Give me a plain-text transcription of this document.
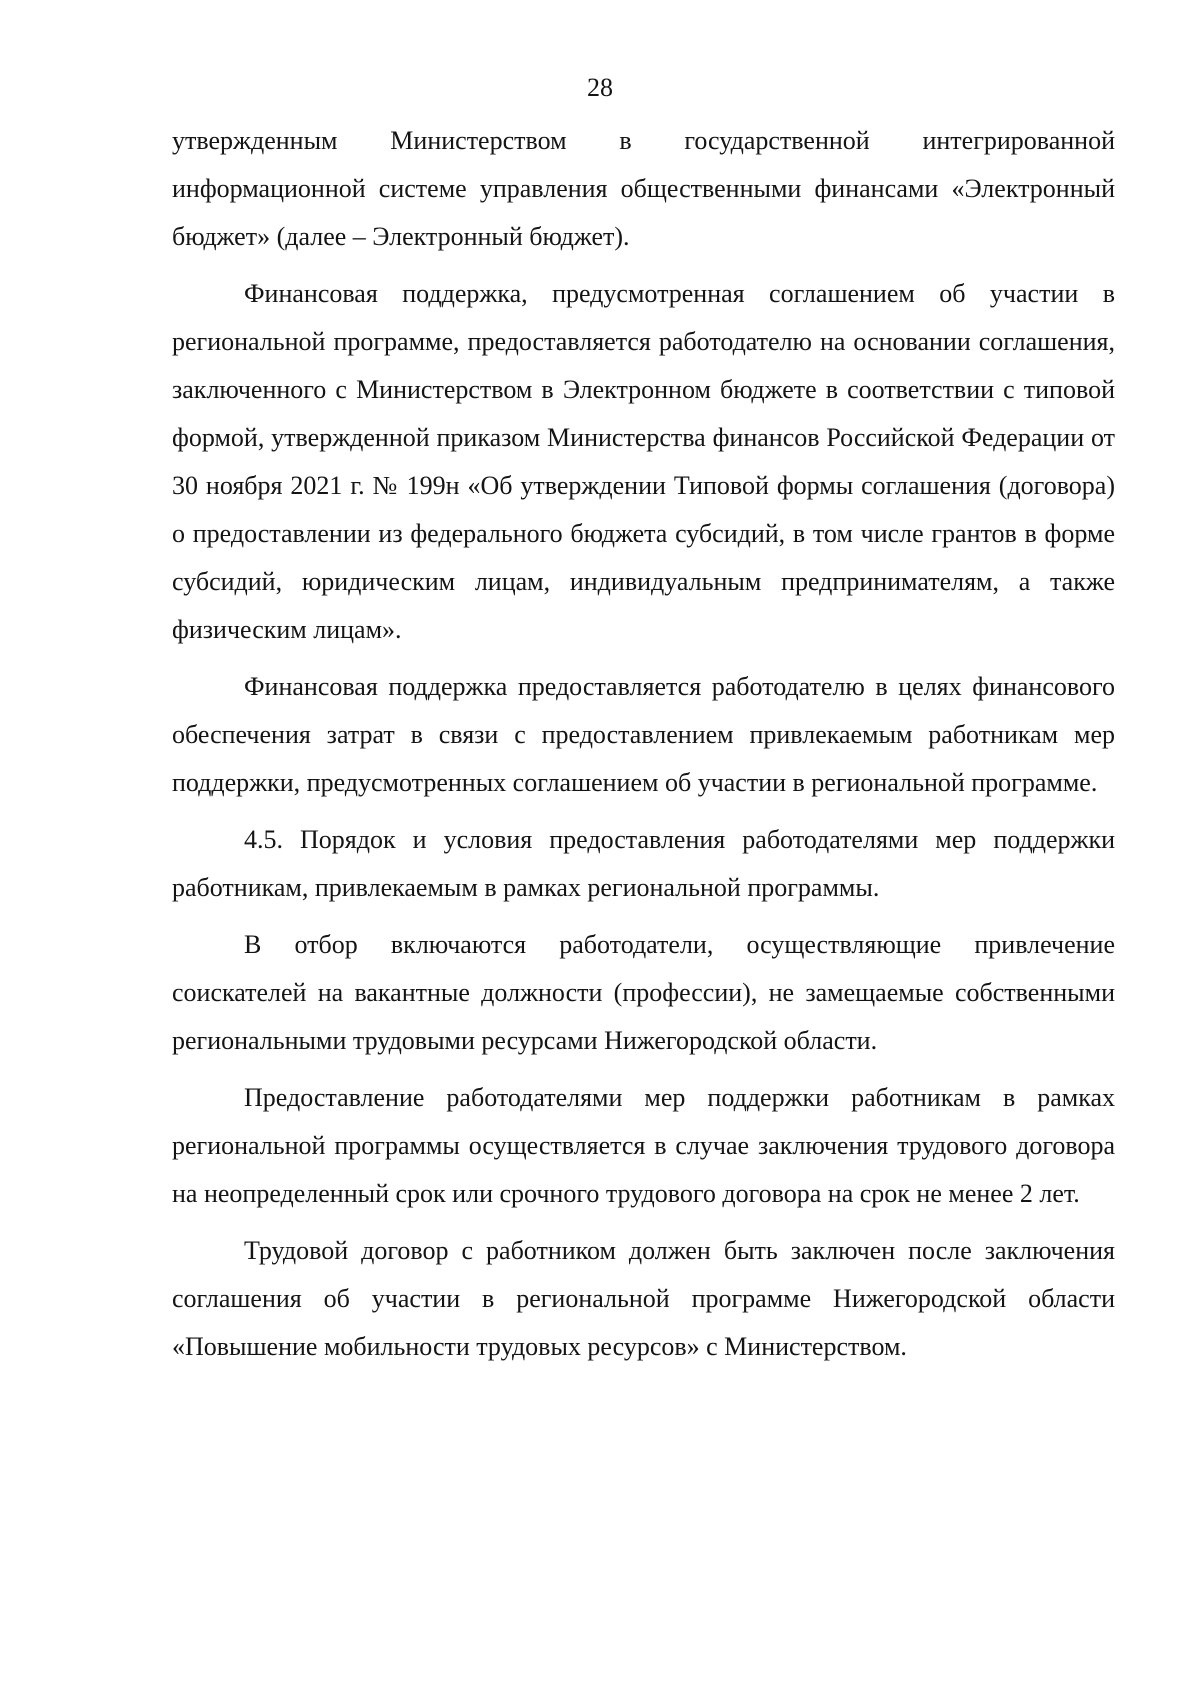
28

утвержденным Министерством в государственной интегрированной информационной системе управления общественными финансами «Электронный бюджет» (далее – Электронный бюджет).

Финансовая поддержка, предусмотренная соглашением об участии в региональной программе, предоставляется работодателю на основании соглашения, заключенного с Министерством в Электронном бюджете в соответствии с типовой формой, утвержденной приказом Министерства финансов Российской Федерации от 30 ноября 2021 г. № 199н «Об утверждении Типовой формы соглашения (договора) о предоставлении из федерального бюджета субсидий, в том числе грантов в форме субсидий, юридическим лицам, индивидуальным предпринимателям, а также физическим лицам».

Финансовая поддержка предоставляется работодателю в целях финансового обеспечения затрат в связи с предоставлением привлекаемым работникам мер поддержки, предусмотренных соглашением об участии в региональной программе.

4.5. Порядок и условия предоставления работодателями мер поддержки работникам, привлекаемым в рамках региональной программы.

В отбор включаются работодатели, осуществляющие привлечение соискателей на вакантные должности (профессии), не замещаемые собственными региональными трудовыми ресурсами Нижегородской области.

Предоставление работодателями мер поддержки работникам в рамках региональной программы осуществляется в случае заключения трудового договора на неопределенный срок или срочного трудового договора на срок не менее 2 лет.

Трудовой договор с работником должен быть заключен после заключения соглашения об участии в региональной программе Нижегородской области «Повышение мобильности трудовых ресурсов» с Министерством.
